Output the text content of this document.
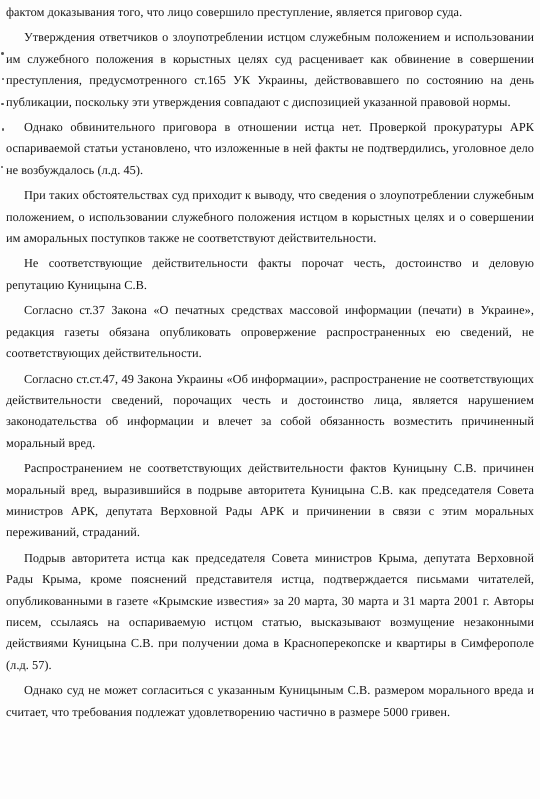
фактом доказывания того, что лицо совершило преступление, является приговор суда.

Утверждения ответчиков о злоупотреблении истцом служебным положением и использовании им служебного положения в корыстных целях суд расценивает как обвинение в совершении преступления, предусмотренного ст.165 УК Украины, действовавшего по состоянию на день публикации, поскольку эти утверждения совпадают с диспозицией указанной правовой нормы.

Однако обвинительного приговора в отношении истца нет. Проверкой прокуратуры АРК оспариваемой статьи установлено, что изложенные в ней факты не подтвердились, уголовное дело не возбуждалось (л.д. 45).

При таких обстоятельствах суд приходит к выводу, что сведения о злоупотреблении служебным положением, о использовании служебного положения истцом в корыстных целях и о совершении им аморальных поступков также не соответствуют действительности.

Не соответствующие действительности факты порочат честь, достоинство и деловую репутацию Куницына С.В.

Согласно ст.37 Закона «О печатных средствах массовой информации (печати) в Украине», редакция газеты обязана опубликовать опровержение распространенных ею сведений, не соответствующих действительности.

Согласно ст.ст.47, 49 Закона Украины «Об информации», распространение не соответствующих действительности сведений, порочащих честь и достоинство лица, является нарушением законодательства об информации и влечет за собой обязанность возместить причиненный моральный вред.

Распространением не соответствующих действительности фактов Куницыну С.В. причинен моральный вред, выразившийся в подрыве авторитета Куницына С.В. как председателя Совета министров АРК, депутата Верховной Рады АРК и причинении в связи с этим моральных переживаний, страданий.

Подрыв авторитета истца как председателя Совета министров Крыма, депутата Верховной Рады Крыма, кроме пояснений представителя истца, подтверждается письмами читателей, опубликованными в газете «Крымские известия» за 20 марта, 30 марта и 31 марта 2001 г. Авторы писем, ссылаясь на оспариваемую истцом статью, высказывают возмущение незаконными действиями Куницына С.В. при получении дома в Красноперекопске и квартиры в Симферополе (л.д. 57).

Однако суд не может согласиться с указанным Куницыным С.В. размером морального вреда и считает, что требования подлежат удовлетворению частично в размере 5000 гривен.
